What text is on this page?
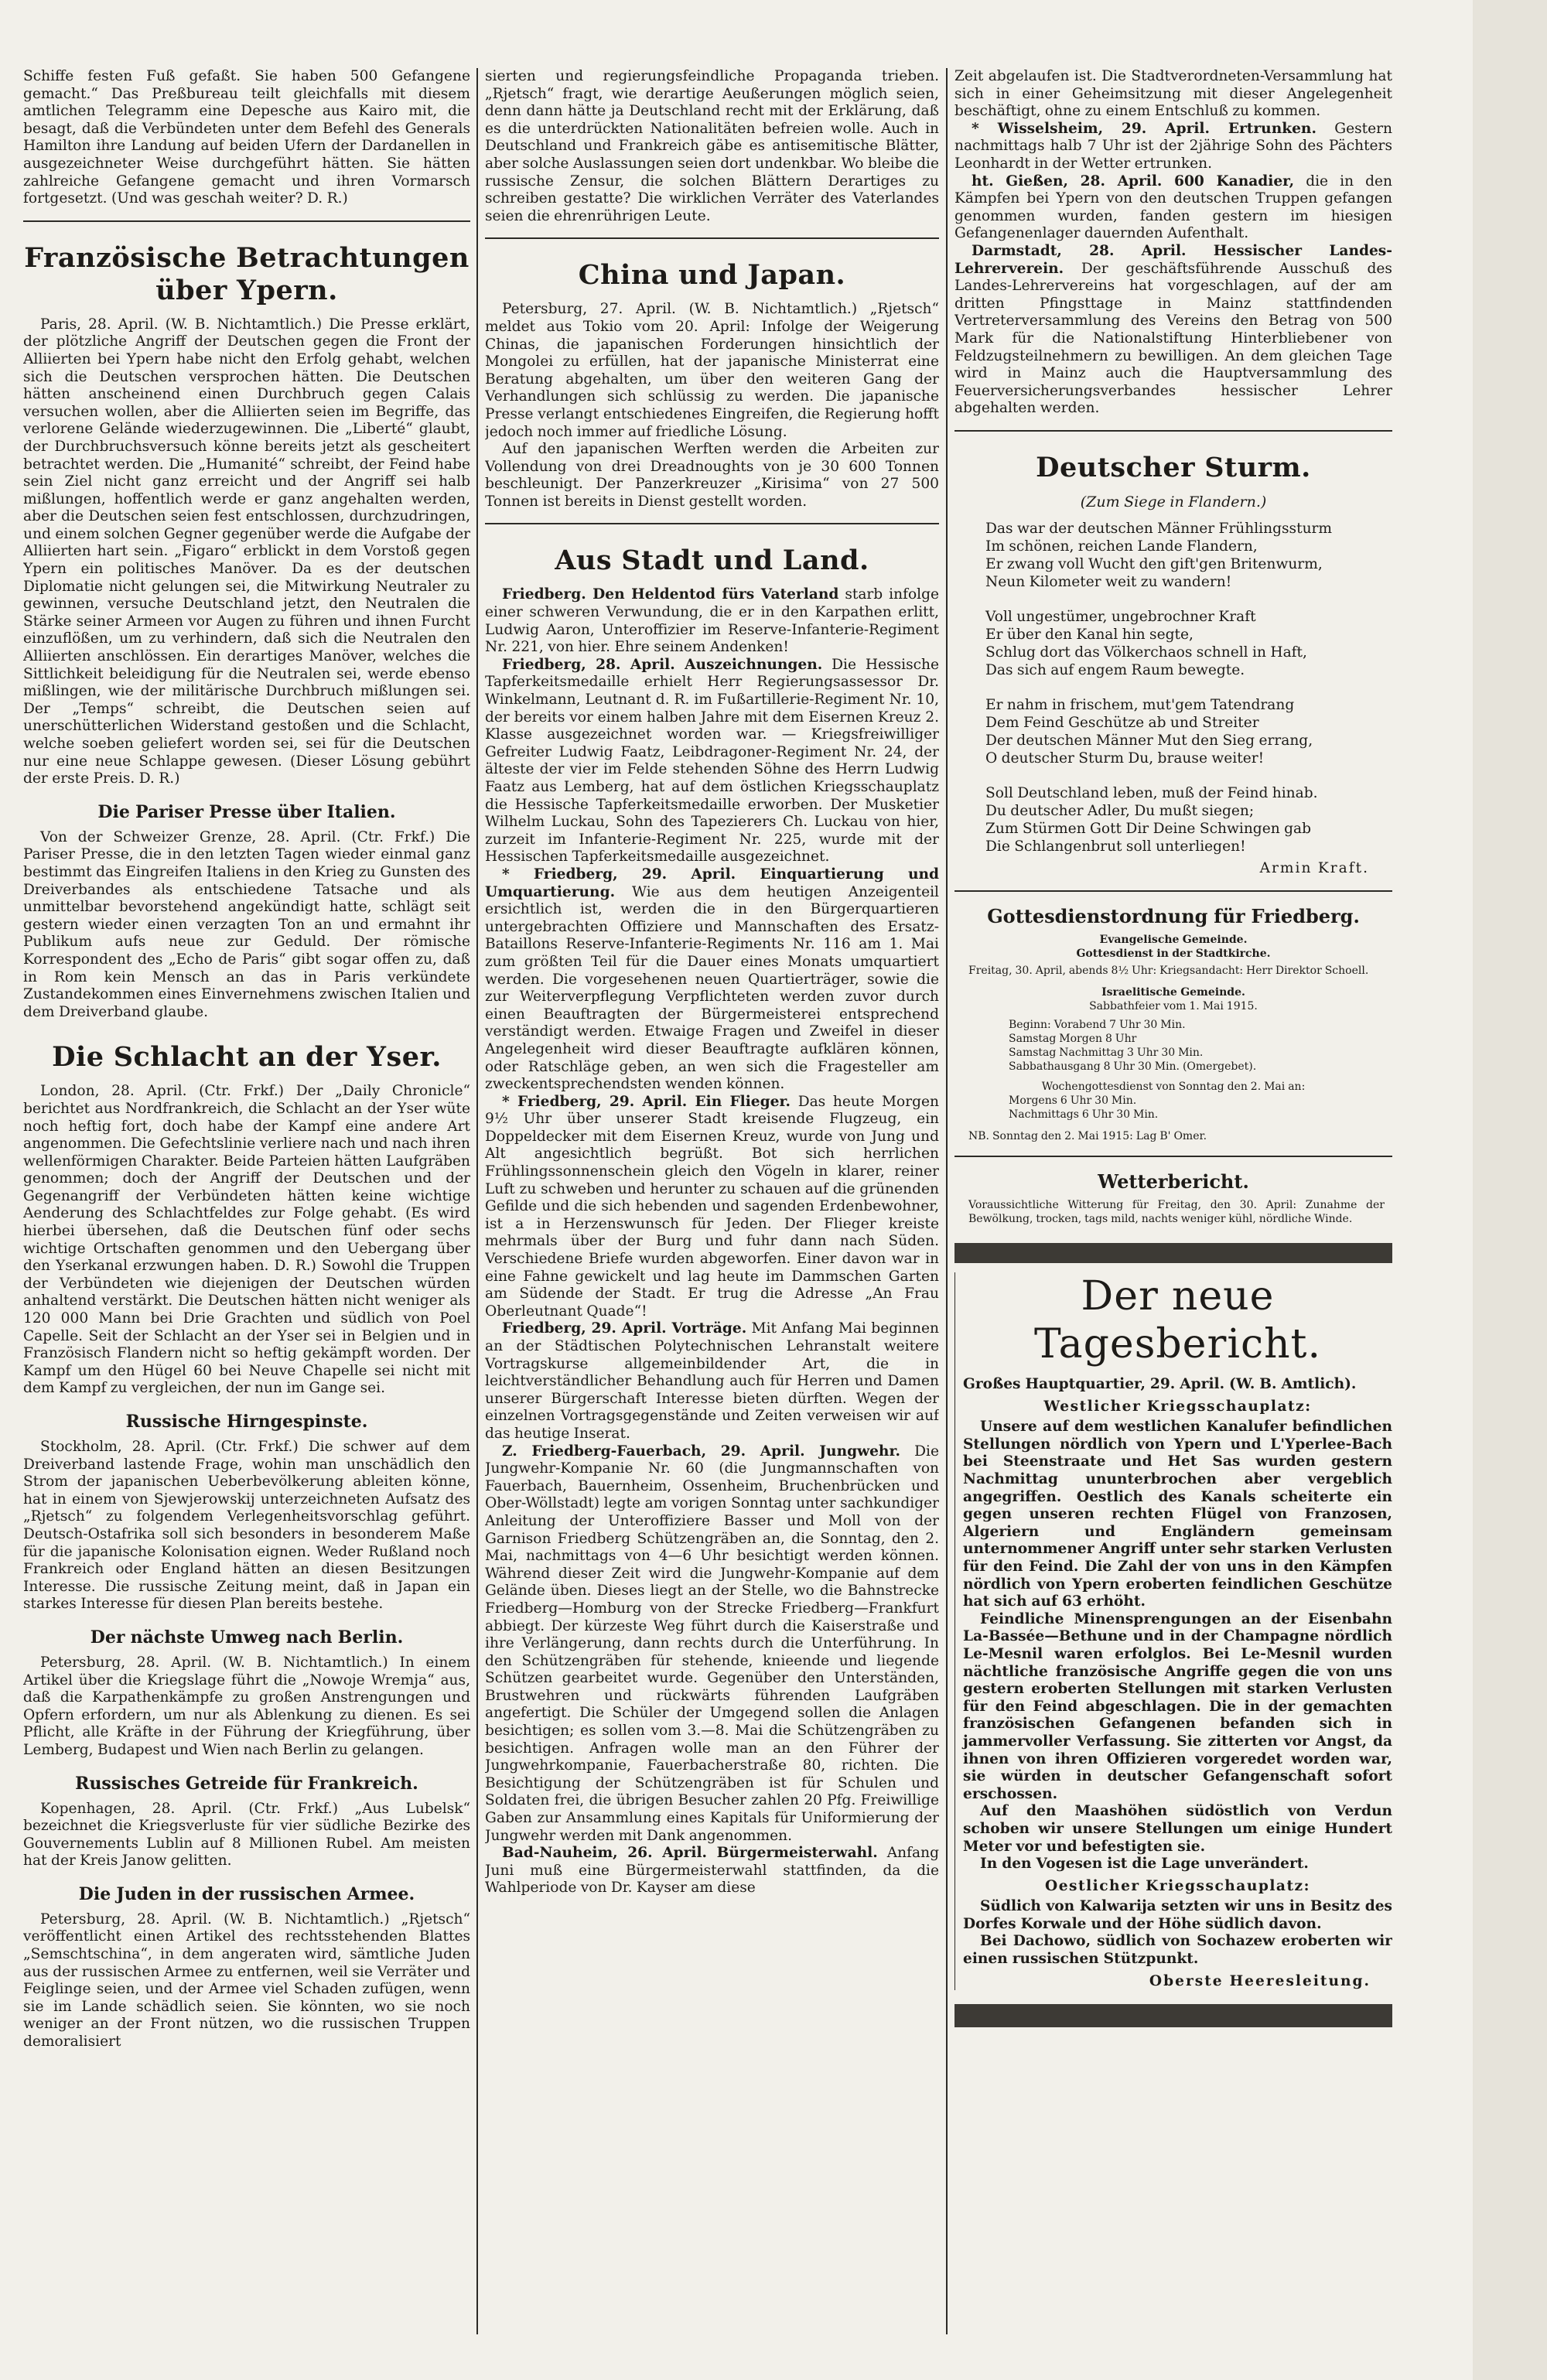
Schiffe festen Fuß gefaßt. Sie haben 500 Gefangene gemacht.“ Das Preßbureau teilt gleichfalls mit diesem amtlichen Telegramm eine Depesche aus Kairo mit, die besagt, daß die Verbündeten unter dem Befehl des Generals Hamilton ihre Landung auf beiden Ufern der Dardanellen in ausgezeichneter Weise durchgeführt hätten. Sie hätten zahlreiche Gefangene gemacht und ihren Vormarsch fortgesetzt. (Und was geschah weiter? D. R.)

Französische Betrachtungen über Ypern.

Paris, 28. April. (W. B. Nichtamtlich.) Die Presse erklärt, der plötzliche Angriff der Deutschen gegen die Front der Alliierten bei Ypern habe nicht den Erfolg gehabt, welchen sich die Deutschen versprochen hätten. Die Deutschen hätten anscheinend einen Durchbruch gegen Calais versuchen wollen, aber die Alliierten seien im Begriffe, das verlorene Gelände wiederzugewinnen. Die „Liberté“ glaubt, der Durchbruchsversuch könne bereits jetzt als gescheitert betrachtet werden. Die „Humanité“ schreibt, der Feind habe sein Ziel nicht ganz erreicht und der Angriff sei halb mißlungen, hoffentlich werde er ganz angehalten werden, aber die Deutschen seien fest entschlossen, durchzudringen, und einem solchen Gegner gegenüber werde die Aufgabe der Alliierten hart sein. „Figaro“ erblickt in dem Vorstoß gegen Ypern ein politisches Manöver. Da es der deutschen Diplomatie nicht gelungen sei, die Mitwirkung Neutraler zu gewinnen, versuche Deutschland jetzt, den Neutralen die Stärke seiner Armeen vor Augen zu führen und ihnen Furcht einzuflößen, um zu verhindern, daß sich die Neutralen den Alliierten anschlössen. Ein derartiges Manöver, welches die Sittlichkeit beleidigung für die Neutralen sei, werde ebenso mißlingen, wie der militärische Durchbruch mißlungen sei. Der „Temps“ schreibt, die Deutschen seien auf unerschütterlichen Widerstand gestoßen und die Schlacht, welche soeben geliefert worden sei, sei für die Deutschen nur eine neue Schlappe gewesen. (Dieser Lösung gebührt der erste Preis. D. R.)

Die Pariser Presse über Italien.

Von der Schweizer Grenze, 28. April. (Ctr. Frkf.) Die Pariser Presse, die in den letzten Tagen wieder einmal ganz bestimmt das Eingreifen Italiens in den Krieg zu Gunsten des Dreiverbandes als entschiedene Tatsache und als unmittelbar bevorstehend angekündigt hatte, schlägt seit gestern wieder einen verzagten Ton an und ermahnt ihr Publikum aufs neue zur Geduld. Der römische Korrespondent des „Echo de Paris“ gibt sogar offen zu, daß in Rom kein Mensch an das in Paris verkündete Zustandekommen eines Einvernehmens zwischen Italien und dem Dreiverband glaube.

Die Schlacht an der Yser.

London, 28. April. (Ctr. Frkf.) Der „Daily Chronicle“ berichtet aus Nordfrankreich, die Schlacht an der Yser wüte noch heftig fort, doch habe der Kampf eine andere Art angenommen. Die Gefechtslinie verliere nach und nach ihren wellenförmigen Charakter. Beide Parteien hätten Laufgräben genommen; doch der Angriff der Deutschen und der Gegenangriff der Verbündeten hätten keine wichtige Aenderung des Schlachtfeldes zur Folge gehabt. (Es wird hierbei übersehen, daß die Deutschen fünf oder sechs wichtige Ortschaften genommen und den Uebergang über den Yserkanal erzwungen haben. D. R.) Sowohl die Truppen der Verbündeten wie diejenigen der Deutschen würden anhaltend verstärkt. Die Deutschen hätten nicht weniger als 120 000 Mann bei Drie Grachten und südlich von Poel Capelle. Seit der Schlacht an der Yser sei in Belgien und in Französisch Flandern nicht so heftig gekämpft worden. Der Kampf um den Hügel 60 bei Neuve Chapelle sei nicht mit dem Kampf zu vergleichen, der nun im Gange sei.

Russische Hirngespinste.

Stockholm, 28. April. (Ctr. Frkf.) Die schwer auf dem Dreiverband lastende Frage, wohin man unschädlich den Strom der japanischen Ueberbevölkerung ableiten könne, hat in einem von Sjewjerowskij unterzeichneten Aufsatz des „Rjetsch“ zu folgendem Verlegenheitsvorschlag geführt. Deutsch-Ostafrika soll sich besonders in besonderem Maße für die japanische Kolonisation eignen. Weder Rußland noch Frankreich oder England hätten an diesen Besitzungen Interesse. Die russische Zeitung meint, daß in Japan ein starkes Interesse für diesen Plan bereits bestehe.

Der nächste Umweg nach Berlin.

Petersburg, 28. April. (W. B. Nichtamtlich.) In einem Artikel über die Kriegslage führt die „Nowoje Wremja“ aus, daß die Karpathenkämpfe zu großen Anstrengungen und Opfern erfordern, um nur als Ablenkung zu dienen. Es sei Pflicht, alle Kräfte in der Führung der Kriegführung, über Lemberg, Budapest und Wien nach Berlin zu gelangen.

Russisches Getreide für Frankreich.

Kopenhagen, 28. April. (Ctr. Frkf.) „Aus Lubelsk“ bezeichnet die Kriegsverluste für vier südliche Bezirke des Gouvernements Lublin auf 8 Millionen Rubel. Am meisten hat der Kreis Janow gelitten.

Die Juden in der russischen Armee.

Petersburg, 28. April. (W. B. Nichtamtlich.) „Rjetsch“ veröffentlicht einen Artikel des rechtsstehenden Blattes „Semschtschina“, in dem angeraten wird, sämtliche Juden aus der russischen Armee zu entfernen, weil sie Verräter und Feiglinge seien, und der Armee viel Schaden zufügen, wenn sie im Lande schädlich seien. Sie könnten, wo sie noch weniger an der Front nützen, wo die russischen Truppen demoralisiert

sierten und regierungsfeindliche Propaganda trieben. „Rjetsch“ fragt, wie derartige Aeußerungen möglich seien, denn dann hätte ja Deutschland recht mit der Erklärung, daß es die unterdrückten Nationalitäten befreien wolle. Auch in Deutschland und Frankreich gäbe es antisemitische Blätter, aber solche Auslassungen seien dort undenkbar. Wo bleibe die russische Zensur, die solchen Blättern Derartiges zu schreiben gestatte? Die wirklichen Verräter des Vaterlandes seien die ehrenrührigen Leute.

China und Japan.

Petersburg, 27. April. (W. B. Nichtamtlich.) „Rjetsch“ meldet aus Tokio vom 20. April: Infolge der Weigerung Chinas, die japanischen Forderungen hinsichtlich der Mongolei zu erfüllen, hat der japanische Ministerrat eine Beratung abgehalten, um über den weiteren Gang der Verhandlungen sich schlüssig zu werden. Die japanische Presse verlangt entschiedenes Eingreifen, die Regierung hofft jedoch noch immer auf friedliche Lösung.

Auf den japanischen Werften werden die Arbeiten zur Vollendung von drei Dreadnoughts von je 30 600 Tonnen beschleunigt. Der Panzerkreuzer „Kirisima“ von 27 500 Tonnen ist bereits in Dienst gestellt worden.

Aus Stadt und Land.

Friedberg. Den Heldentod fürs Vaterland starb infolge einer schweren Verwundung, die er in den Karpathen erlitt, Ludwig Aaron, Unteroffizier im Reserve-Infanterie-Regiment Nr. 221, von hier. Ehre seinem Andenken!

Friedberg, 28. April. Auszeichnungen. Die Hessische Tapferkeitsmedaille erhielt Herr Regierungsassessor Dr. Winkelmann, Leutnant d. R. im Fußartillerie-Regiment Nr. 10, der bereits vor einem halben Jahre mit dem Eisernen Kreuz 2. Klasse ausgezeichnet worden war. — Kriegsfreiwilliger Gefreiter Ludwig Faatz, Leibdragoner-Regiment Nr. 24, der älteste der vier im Felde stehenden Söhne des Herrn Ludwig Faatz aus Lemberg, hat auf dem östlichen Kriegsschauplatz die Hessische Tapferkeitsmedaille erworben. Der Musketier Wilhelm Luckau, Sohn des Tapezierers Ch. Luckau von hier, zurzeit im Infanterie-Regiment Nr. 225, wurde mit der Hessischen Tapferkeitsmedaille ausgezeichnet.

* Friedberg, 29. April. Einquartierung und Umquartierung. Wie aus dem heutigen Anzeigenteil ersichtlich ist, werden die in den Bürgerquartieren untergebrachten Offiziere und Mannschaften des Ersatz-Bataillons Reserve-Infanterie-Regiments Nr. 116 am 1. Mai zum größten Teil für die Dauer eines Monats umquartiert werden. Die vorgesehenen neuen Quartierträger, sowie die zur Weiterverpflegung Verpflichteten werden zuvor durch einen Beauftragten der Bürgermeisterei entsprechend verständigt werden. Etwaige Fragen und Zweifel in dieser Angelegenheit wird dieser Beauftragte aufklären können, oder Ratschläge geben, an wen sich die Fragesteller am zweckentsprechendsten wenden können.

* Friedberg, 29. April. Ein Flieger. Das heute Morgen 9½ Uhr über unserer Stadt kreisende Flugzeug, ein Doppeldecker mit dem Eisernen Kreuz, wurde von Jung und Alt angesichtlich begrüßt. Bot sich herrlichen Frühlingssonnenschein gleich den Vögeln in klarer, reiner Luft zu schweben und herunter zu schauen auf die grünenden Gefilde und die sich hebenden und sagenden Erdenbewohner, ist a in Herzenswunsch für Jeden. Der Flieger kreiste mehrmals über der Burg und fuhr dann nach Süden. Verschiedene Briefe wurden abgeworfen. Einer davon war in eine Fahne gewickelt und lag heute im Dammschen Garten am Südende der Stadt. Er trug die Adresse „An Frau Oberleutnant Quade“!

Friedberg, 29. April. Vorträge. Mit Anfang Mai beginnen an der Städtischen Polytechnischen Lehranstalt weitere Vortragskurse allgemeinbildender Art, die in leichtverständlicher Behandlung auch für Herren und Damen unserer Bürgerschaft Interesse bieten dürften. Wegen der einzelnen Vortragsgegenstände und Zeiten verweisen wir auf das heutige Inserat.

Z. Friedberg-Fauerbach, 29. April. Jungwehr. Die Jungwehr-Kompanie Nr. 60 (die Jungmannschaften von Fauerbach, Bauernheim, Ossenheim, Bruchenbrücken und Ober-Wöllstadt) legte am vorigen Sonntag unter sachkundiger Anleitung der Unteroffiziere Basser und Moll von der Garnison Friedberg Schützengräben an, die Sonntag, den 2. Mai, nachmittags von 4—6 Uhr besichtigt werden können. Während dieser Zeit wird die Jungwehr-Kompanie auf dem Gelände üben. Dieses liegt an der Stelle, wo die Bahnstrecke Friedberg—Homburg von der Strecke Friedberg—Frankfurt abbiegt. Der kürzeste Weg führt durch die Kaiserstraße und ihre Verlängerung, dann rechts durch die Unterführung. In den Schützengräben für stehende, knieende und liegende Schützen gearbeitet wurde. Gegenüber den Unterständen, Brustwehren und rückwärts führenden Laufgräben angefertigt. Die Schüler der Umgegend sollen die Anlagen besichtigen; es sollen vom 3.—8. Mai die Schützengräben zu besichtigen. Anfragen wolle man an den Führer der Jungwehrkompanie, Fauerbacherstraße 80, richten. Die Besichtigung der Schützengräben ist für Schulen und Soldaten frei, die übrigen Besucher zahlen 20 Pfg. Freiwillige Gaben zur Ansammlung eines Kapitals für Uniformierung der Jungwehr werden mit Dank angenommen.

Bad-Nauheim, 26. April. Bürgermeisterwahl. Anfang Juni muß eine Bürgermeisterwahl stattfinden, da die Wahlperiode von Dr. Kayser am diese

Zeit abgelaufen ist. Die Stadtverordneten-Versammlung hat sich in einer Geheimsitzung mit dieser Angelegenheit beschäftigt, ohne zu einem Entschluß zu kommen.

* Wisselsheim, 29. April. Ertrunken. Gestern nachmittags halb 7 Uhr ist der 2jährige Sohn des Pächters Leonhardt in der Wetter ertrunken.

ht. Gießen, 28. April. 600 Kanadier, die in den Kämpfen bei Ypern von den deutschen Truppen gefangen genommen wurden, fanden gestern im hiesigen Gefangenenlager dauernden Aufenthalt.

Darmstadt, 28. April. Hessischer Landes-Lehrerverein. Der geschäftsführende Ausschuß des Landes-Lehrervereins hat vorgeschlagen, auf der am dritten Pfingsttage in Mainz stattfindenden Vertreterversammlung des Vereins den Betrag von 500 Mark für die Nationalstiftung Hinterbliebener von Feldzugsteilnehmern zu bewilligen. An dem gleichen Tage wird in Mainz auch die Hauptversammlung des Feuerversicherungsverbandes hessischer Lehrer abgehalten werden.

Deutscher Sturm.
(Zum Siege in Flandern.)
Das war der deutschen Männer Frühlingssturm
Im schönen, reichen Lande Flandern,
Er zwang voll Wucht den gift'gen Britenwurm,
Neun Kilometer weit zu wandern!
Voll ungestümer, ungebrochner Kraft
Er über den Kanal hin segte,
Schlug dort das Völkerchaos schnell in Haft,
Das sich auf engem Raum bewegte.
Er nahm in frischem, mut'gem Tatendrang
Dem Feind Geschütze ab und Streiter
Der deutschen Männer Mut den Sieg errang,
O deutscher Sturm Du, brause weiter!
Soll Deutschland leben, muß der Feind hinab.
Du deutscher Adler, Du mußt siegen;
Zum Stürmen Gott Dir Deine Schwingen gab
Die Schlangenbrut soll unterliegen!
Armin Kraft.
Gottesdienstordnung für Friedberg.

Evangelische Gemeinde.

Gottesdienst in der Stadtkirche.

Freitag, 30. April, abends 8½ Uhr: Kriegsandacht: Herr Direktor Schoell.

Israelitische Gemeinde.

Sabbathfeier vom 1. Mai 1915.

Beginn: Vorabend 7 Uhr 30 Min.

Samstag Morgen 8 Uhr

Samstag Nachmittag 3 Uhr 30 Min.

Sabbathausgang 8 Uhr 30 Min. (Omergebet).

Wochengottesdienst von Sonntag den 2. Mai an:

Morgens 6 Uhr 30 Min.

Nachmittags 6 Uhr 30 Min.

NB. Sonntag den 2. Mai 1915: Lag B' Omer.

Wetterbericht.

Voraussichtliche Witterung für Freitag, den 30. April: Zunahme der Bewölkung, trocken, tags mild, nachts weniger kühl, nördliche Winde.

Der neue Tagesbericht.

Großes Hauptquartier, 29. April. (W. B. Amtlich).

Westlicher Kriegsschauplatz:

Unsere auf dem westlichen Kanalufer befindlichen Stellungen nördlich von Ypern und L'Yperlee-Bach bei Steenstraate und Het Sas wurden gestern Nachmittag ununterbrochen aber vergeblich angegriffen. Oestlich des Kanals scheiterte ein gegen unseren rechten Flügel von Franzosen, Algeriern und Engländern gemeinsam unternommener Angriff unter sehr starken Verlusten für den Feind. Die Zahl der von uns in den Kämpfen nördlich von Ypern eroberten feindlichen Geschütze hat sich auf 63 erhöht.

Feindliche Minensprengungen an der Eisenbahn La-Bassée—Bethune und in der Champagne nördlich Le-Mesnil waren erfolglos. Bei Le-Mesnil wurden nächtliche französische Angriffe gegen die von uns gestern eroberten Stellungen mit starken Verlusten für den Feind abgeschlagen. Die in der gemachten französischen Gefangenen befanden sich in jammervoller Verfassung. Sie zitterten vor Angst, da ihnen von ihren Offizieren vorgeredet worden war, sie würden in deutscher Gefangenschaft sofort erschossen.

Auf den Maashöhen südöstlich von Verdun schoben wir unsere Stellungen um einige Hundert Meter vor und befestigten sie.

In den Vogesen ist die Lage unverändert.

Oestlicher Kriegsschauplatz:

Südlich von Kalwarija setzten wir uns in Besitz des Dorfes Korwale und der Höhe südlich davon.

Bei Dachowo, südlich von Sochazew eroberten wir einen russischen Stützpunkt.

Oberste Heeresleitung.
